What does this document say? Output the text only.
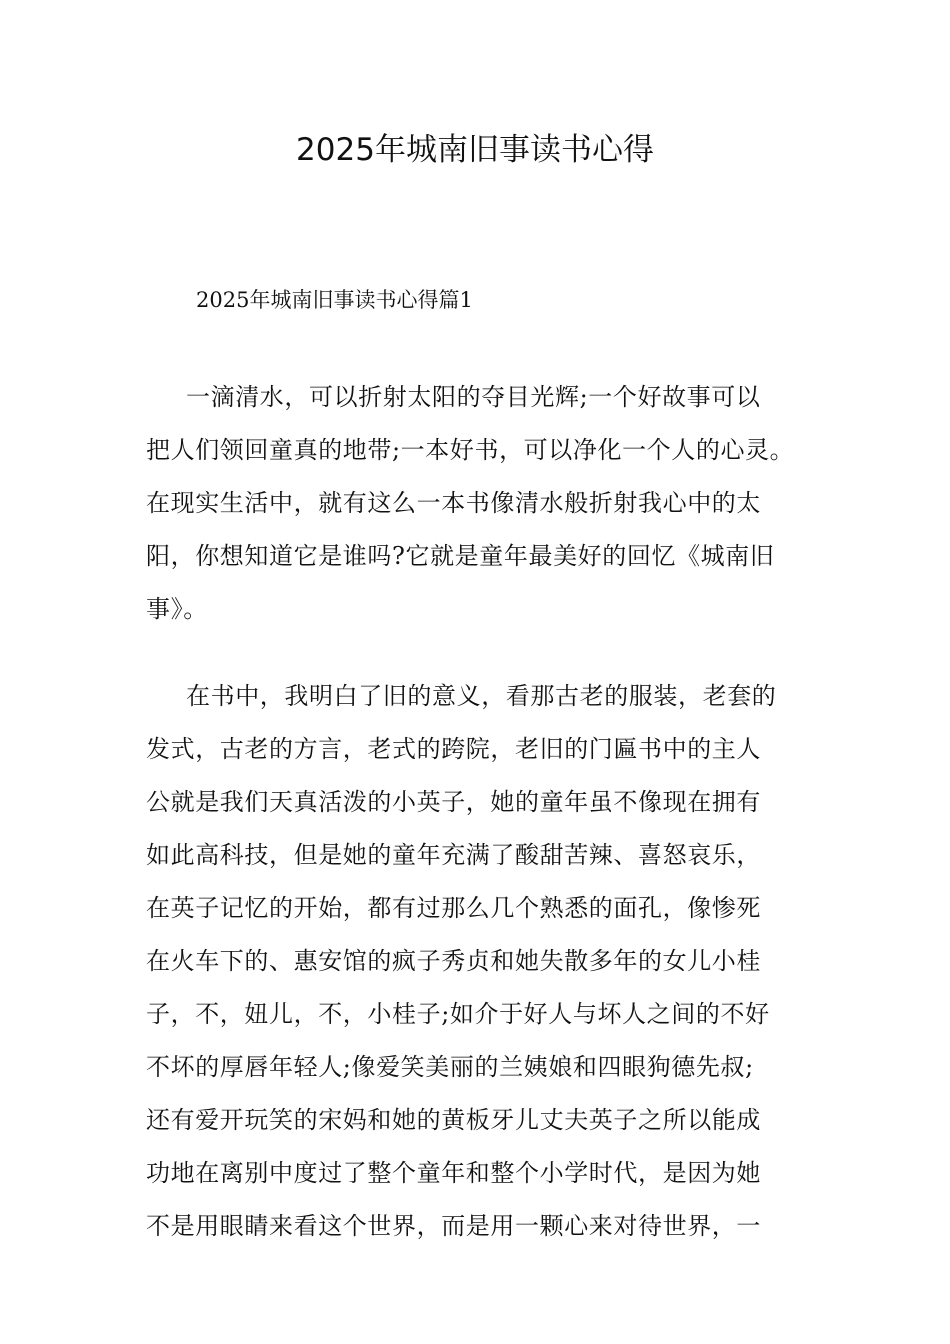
2025年城南旧事读书心得

2025年城南旧事读书心得篇1

一滴清水，可以折射太阳的夺目光辉;一个好故事可以
把人们领回童真的地带;一本好书，可以净化一个人的心灵。
在现实生活中，就有这么一本书像清水般折射我心中的太
阳，你想知道它是谁吗?它就是童年最美好的回忆《城南旧
事》。
在书中，我明白了旧的意义，看那古老的服装，老套的
发式，古老的方言，老式的跨院，老旧的门匾书中的主人
公就是我们天真活泼的小英子，她的童年虽不像现在拥有
如此高科技，但是她的童年充满了酸甜苦辣、喜怒哀乐，
在英子记忆的开始，都有过那么几个熟悉的面孔，像惨死
在火车下的、惠安馆的疯子秀贞和她失散多年的女儿小桂
子，不，妞儿，不，小桂子;如介于好人与坏人之间的不好
不坏的厚唇年轻人;像爱笑美丽的兰姨娘和四眼狗德先叔;
还有爱开玩笑的宋妈和她的黄板牙儿丈夫英子之所以能成
功地在离别中度过了整个童年和整个小学时代，是因为她
不是用眼睛来看这个世界，而是用一颗心来对待世界，一
